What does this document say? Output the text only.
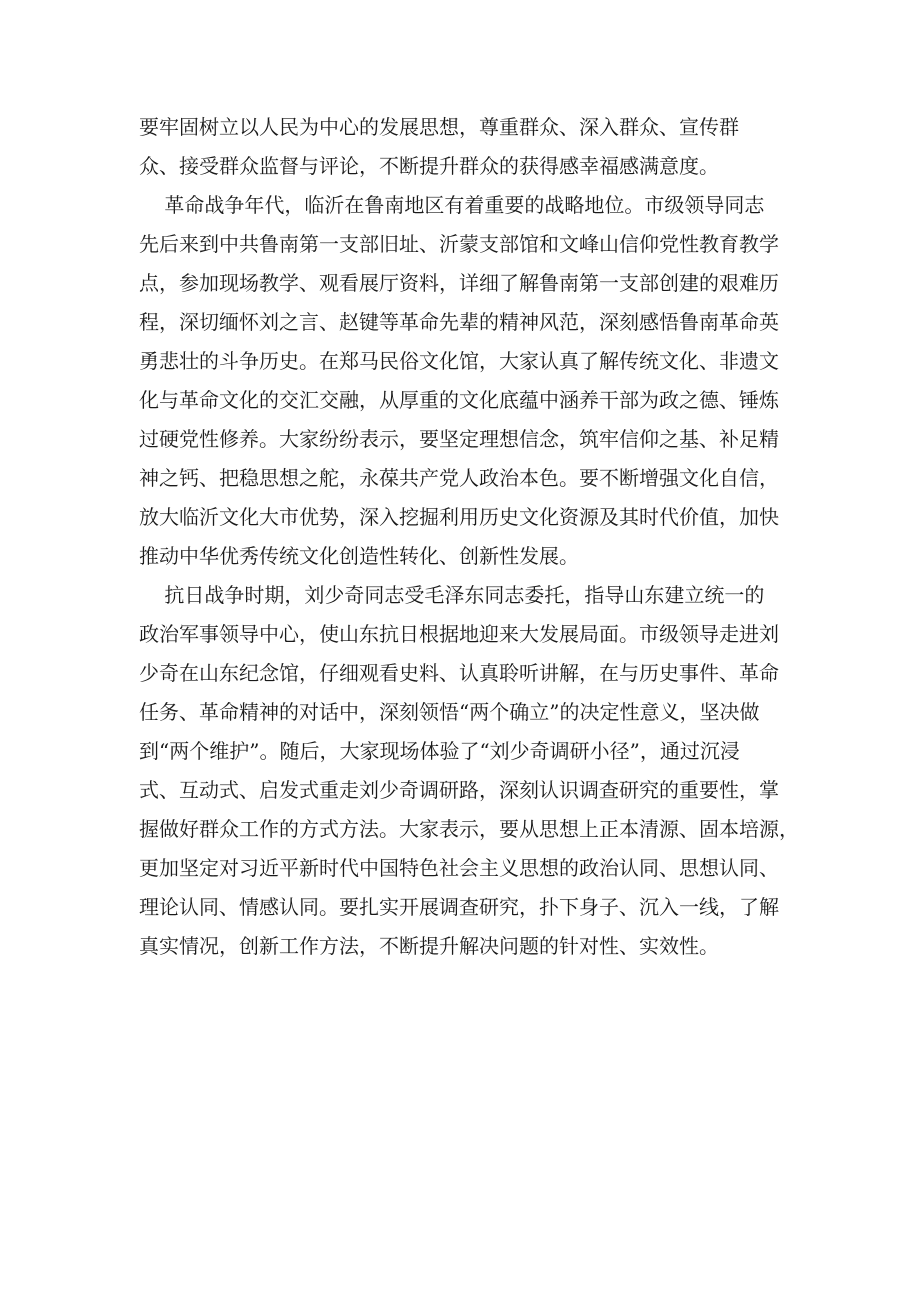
要牢固树立以人民为中心的发展思想，尊重群众、深入群众、宣传群
众、接受群众监督与评论，不断提升群众的获得感幸福感满意度。
革命战争年代，临沂在鲁南地区有着重要的战略地位。市级领导同志
先后来到中共鲁南第一支部旧址、沂蒙支部馆和文峰山信仰党性教育教学
点，参加现场教学、观看展厅资料，详细了解鲁南第一支部创建的艰难历
程，深切缅怀刘之言、赵键等革命先辈的精神风范，深刻感悟鲁南革命英
勇悲壮的斗争历史。在郑马民俗文化馆，大家认真了解传统文化、非遗文
化与革命文化的交汇交融，从厚重的文化底蕴中涵养干部为政之德、锤炼
过硬党性修养。大家纷纷表示，要坚定理想信念，筑牢信仰之基、补足精
神之钙、把稳思想之舵，永葆共产党人政治本色。要不断增强文化自信，
放大临沂文化大市优势，深入挖掘利用历史文化资源及其时代价值，加快
推动中华优秀传统文化创造性转化、创新性发展。
抗日战争时期，刘少奇同志受毛泽东同志委托，指导山东建立统一的
政治军事领导中心，使山东抗日根据地迎来大发展局面。市级领导走进刘
少奇在山东纪念馆，仔细观看史料、认真聆听讲解，在与历史事件、革命
任务、革命精神的对话中，深刻领悟“两个确立”的决定性意义，坚决做
到“两个维护”。随后，大家现场体验了“刘少奇调研小径”，通过沉浸
式、互动式、启发式重走刘少奇调研路，深刻认识调查研究的重要性，掌
握做好群众工作的方式方法。大家表示，要从思想上正本清源、固本培源，
更加坚定对习近平新时代中国特色社会主义思想的政治认同、思想认同、
理论认同、情感认同。要扎实开展调查研究，扑下身子、沉入一线，了解
真实情况，创新工作方法，不断提升解决问题的针对性、实效性。
